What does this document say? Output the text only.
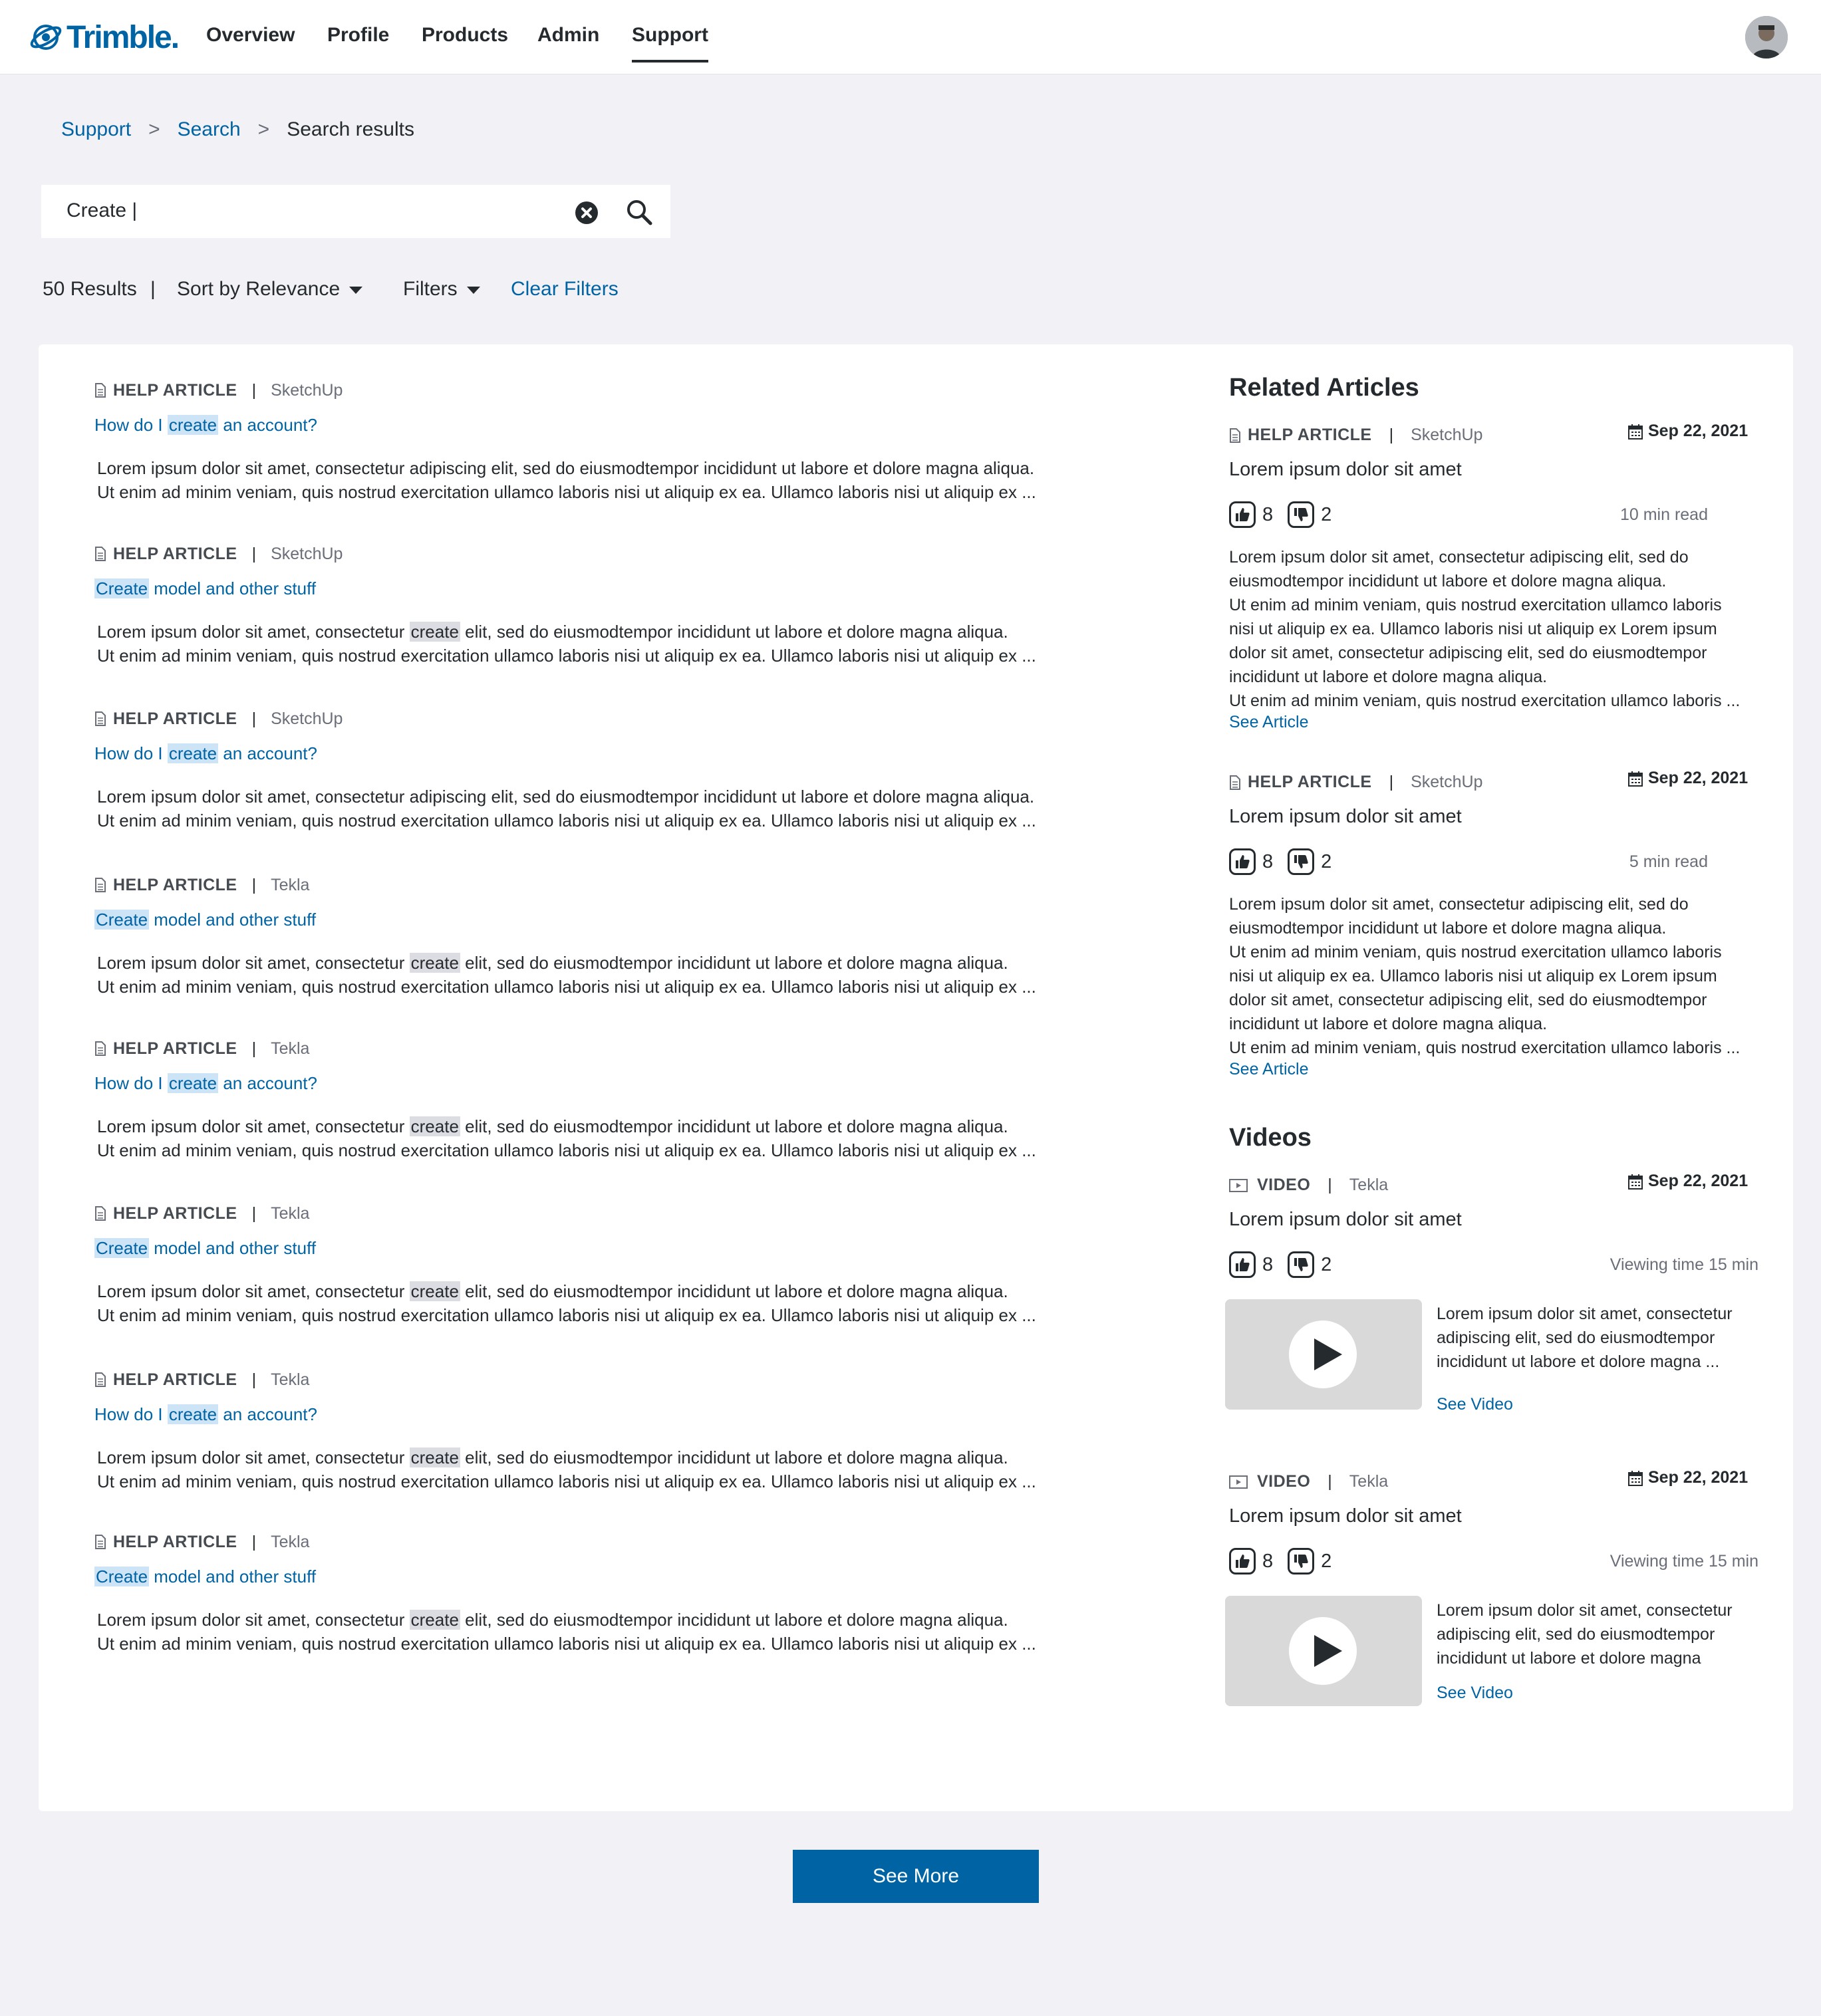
Trimble. Overview Profile Products Admin Support
Support > Search > Search results
Create |
50 Results | Sort by Relevance	Filters	Clear Filters
HELP ARTICLE | SketchUp
How do I create an account?
Lorem ipsum dolor sit amet, consectetur adipiscing elit, sed do eiusmodtempor incididunt ut labore et dolore magna aliqua.
Ut enim ad minim veniam, quis nostrud exercitation ullamco laboris nisi ut aliquip ex ea. Ullamco laboris nisi ut aliquip ex ...
HELP ARTICLE | SketchUp
Create model and other stuff
Lorem ipsum dolor sit amet, consectetur create elit, sed do eiusmodtempor incididunt ut labore et dolore magna aliqua.
Ut enim ad minim veniam, quis nostrud exercitation ullamco laboris nisi ut aliquip ex ea. Ullamco laboris nisi ut aliquip ex ...
HELP ARTICLE | SketchUp
How do I create an account?
Lorem ipsum dolor sit amet, consectetur adipiscing elit, sed do eiusmodtempor incididunt ut labore et dolore magna aliqua.
Ut enim ad minim veniam, quis nostrud exercitation ullamco laboris nisi ut aliquip ex ea. Ullamco laboris nisi ut aliquip ex ...
HELP ARTICLE | Tekla
Create model and other stuff
Lorem ipsum dolor sit amet, consectetur create elit, sed do eiusmodtempor incididunt ut labore et dolore magna aliqua.
Ut enim ad minim veniam, quis nostrud exercitation ullamco laboris nisi ut aliquip ex ea. Ullamco laboris nisi ut aliquip ex ...
HELP ARTICLE | Tekla
How do I create an account?
Lorem ipsum dolor sit amet, consectetur create elit, sed do eiusmodtempor incididunt ut labore et dolore magna aliqua.
Ut enim ad minim veniam, quis nostrud exercitation ullamco laboris nisi ut aliquip ex ea. Ullamco laboris nisi ut aliquip ex ...
HELP ARTICLE | Tekla
Create model and other stuff
Lorem ipsum dolor sit amet, consectetur create elit, sed do eiusmodtempor incididunt ut labore et dolore magna aliqua.
Ut enim ad minim veniam, quis nostrud exercitation ullamco laboris nisi ut aliquip ex ea. Ullamco laboris nisi ut aliquip ex ...
HELP ARTICLE | Tekla
How do I create an account?
Lorem ipsum dolor sit amet, consectetur create elit, sed do eiusmodtempor incididunt ut labore et dolore magna aliqua.
Ut enim ad minim veniam, quis nostrud exercitation ullamco laboris nisi ut aliquip ex ea. Ullamco laboris nisi ut aliquip ex ...
HELP ARTICLE | Tekla
Create model and other stuff
Lorem ipsum dolor sit amet, consectetur create elit, sed do eiusmodtempor incididunt ut labore et dolore magna aliqua.
Ut enim ad minim veniam, quis nostrud exercitation ullamco laboris nisi ut aliquip ex ea. Ullamco laboris nisi ut aliquip ex ...
Related Articles
HELP ARTICLE | SketchUp	Sep 22, 2021
Lorem ipsum dolor sit amet
8 2	10 min read
Lorem ipsum dolor sit amet, consectetur adipiscing elit, sed do
eiusmodtempor incididunt ut labore et dolore magna aliqua.
Ut enim ad minim veniam, quis nostrud exercitation ullamco laboris
nisi ut aliquip ex ea. Ullamco laboris nisi ut aliquip ex Lorem ipsum
dolor sit amet, consectetur adipiscing elit, sed do eiusmodtempor
incididunt ut labore et dolore magna aliqua.
Ut enim ad minim veniam, quis nostrud exercitation ullamco laboris ...
See Article
HELP ARTICLE | SketchUp	Sep 22, 2021
Lorem ipsum dolor sit amet
8 2	5 min read
Lorem ipsum dolor sit amet, consectetur adipiscing elit, sed do
eiusmodtempor incididunt ut labore et dolore magna aliqua.
Ut enim ad minim veniam, quis nostrud exercitation ullamco laboris
nisi ut aliquip ex ea. Ullamco laboris nisi ut aliquip ex Lorem ipsum
dolor sit amet, consectetur adipiscing elit, sed do eiusmodtempor
incididunt ut labore et dolore magna aliqua.
Ut enim ad minim veniam, quis nostrud exercitation ullamco laboris ...
See Article
Videos
VIDEO | Tekla	Sep 22, 2021
Lorem ipsum dolor sit amet
8 2	Viewing time 15 min
Lorem ipsum dolor sit amet, consectetur
adipiscing elit, sed do eiusmodtempor
incididunt ut labore et dolore magna ...
See Video
VIDEO | Tekla	Sep 22, 2021
Lorem ipsum dolor sit amet
8 2	Viewing time 15 min
Lorem ipsum dolor sit amet, consectetur
adipiscing elit, sed do eiusmodtempor
incididunt ut labore et dolore magna
See Video
See More
